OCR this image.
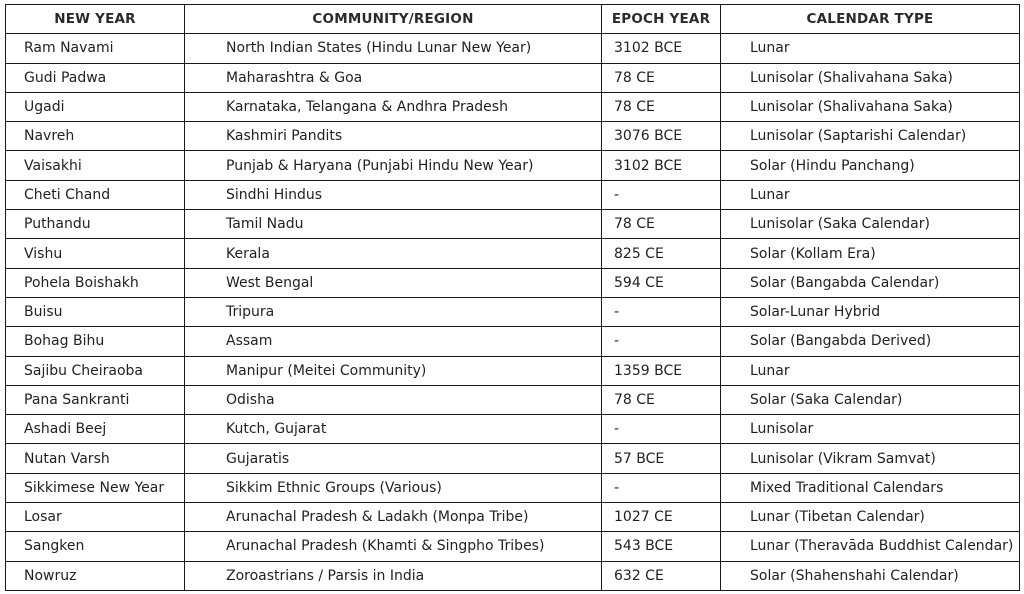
NEW YEAR	COMMUNITY/REGION	EPOCH YEAR	CALENDAR TYPE
Ram Navami	North Indian States (Hindu Lunar New Year)	3102 BCE	Lunar
Gudi Padwa	Maharashtra & Goa	78 CE	Lunisolar (Shalivahana Saka)
Ugadi	Karnataka, Telangana & Andhra Pradesh	78 CE	Lunisolar (Shalivahana Saka)
Navreh	Kashmiri Pandits	3076 BCE	Lunisolar (Saptarishi Calendar)
Vaisakhi	Punjab & Haryana (Punjabi Hindu New Year)	3102 BCE	Solar (Hindu Panchang)
Cheti Chand	Sindhi Hindus	-	Lunar
Puthandu	Tamil Nadu	78 CE	Lunisolar (Saka Calendar)
Vishu	Kerala	825 CE	Solar (Kollam Era)
Pohela Boishakh	West Bengal	594 CE	Solar (Bangabda Calendar)
Buisu	Tripura	-	Solar-Lunar Hybrid
Bohag Bihu	Assam	-	Solar (Bangabda Derived)
Sajibu Cheiraoba	Manipur (Meitei Community)	1359 BCE	Lunar
Pana Sankranti	Odisha	78 CE	Solar (Saka Calendar)
Ashadi Beej	Kutch, Gujarat	-	Lunisolar
Nutan Varsh	Gujaratis	57 BCE	Lunisolar (Vikram Samvat)
Sikkimese New Year	Sikkim Ethnic Groups (Various)	-	Mixed Traditional Calendars
Losar	Arunachal Pradesh & Ladakh (Monpa Tribe)	1027 CE	Lunar (Tibetan Calendar)
Sangken	Arunachal Pradesh (Khamti & Singpho Tribes)	543 BCE	Lunar (Theravāda Buddhist Calendar)
Nowruz	Zoroastrians / Parsis in India	632 CE	Solar (Shahenshahi Calendar)
